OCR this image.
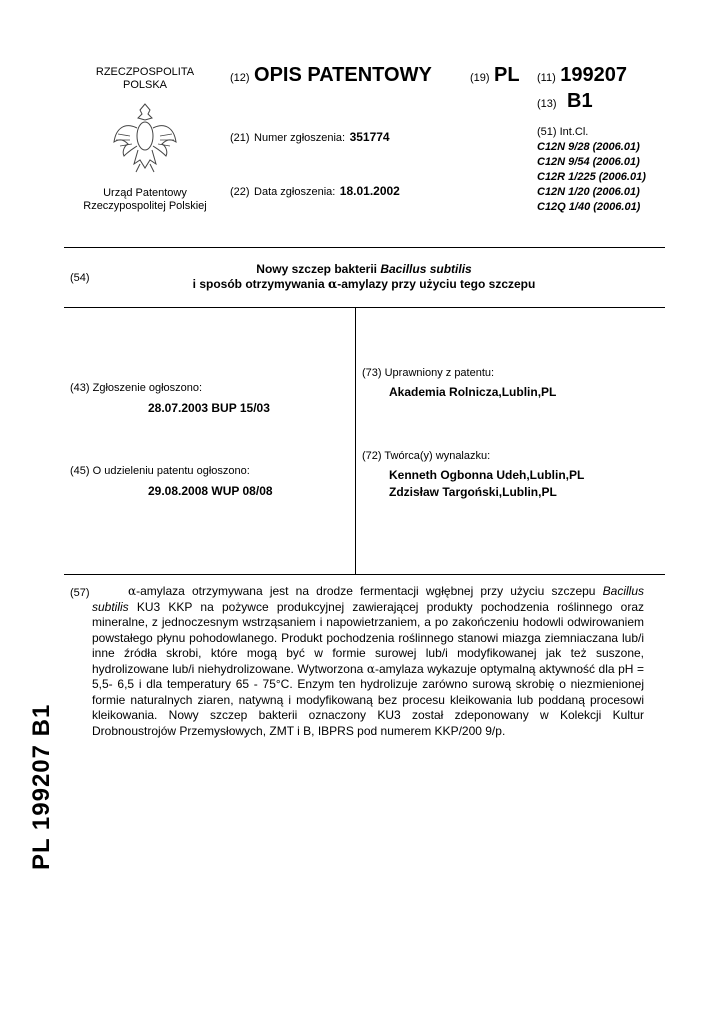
RZECZPOSPOLITA
POLSKA
Urząd Patentowy
Rzeczypospolitej Polskiej
(12) OPIS PATENTOWY	(19) PL (11) 199207
(13) B1
(21) Numer zgłoszenia: 351774
(22) Data zgłoszenia: 18.01.2002
(51) Int.Cl.
C12N 9/28 (2006.01)
C12N 9/54 (2006.01)
C12R 1/225 (2006.01)
C12N 1/20 (2006.01)
C12Q 1/40 (2006.01)
(54)
Nowy szczep bakterii Bacillus subtilis
i sposób otrzymywania α-amylazy przy użyciu tego szczepu
(43) Zgłoszenie ogłoszono:
28.07.2003 BUP 15/03
(45) O udzieleniu patentu ogłoszono:
29.08.2008 WUP 08/08
(73) Uprawniony z patentu:
Akademia Rolnicza,Lublin,PL
(72) Twórca(y) wynalazku:
Kenneth Ogbonna Udeh,Lublin,PL
Zdzisław Targoński,Lublin,PL
(57)	α-amylaza otrzymywana jest na drodze fermentacji wgłębnej przy użyciu szczepu Bacillus subtilis KU3 KKP na pożywce produkcyjnej zawierającej produkty pochodzenia roślinnego oraz mineralne, z jednoczesnym wstrząsaniem i napowietrzaniem, a po zakończeniu hodowli odwirowaniem powstałego płynu pohodowlanego. Produkt pochodzenia roślinnego stanowi miazga ziemniaczana lub/i inne źródła skrobi, które mogą być w formie surowej lub/i modyfikowanej jak też suszone, hydrolizowane lub/i niehydrolizowane. Wytworzona α-amylaza wykazuje optymalną aktywność dla pH = 5,5- 6,5 i dla temperatury 65 - 75°C. Enzym ten hydrolizuje zarówno surową skrobię o niezmienionej formie naturalnych ziaren, natywną i modyfikowaną bez procesu kleikowania lub poddaną procesowi kleikowania. Nowy szczep bakterii oznaczony KU3 został zdeponowany w Kolekcji Kultur Drobnoustrojów Przemysłowych, ZMT i B, IBPRS pod numerem KKP/200 9/p.
PL 199207 B1
